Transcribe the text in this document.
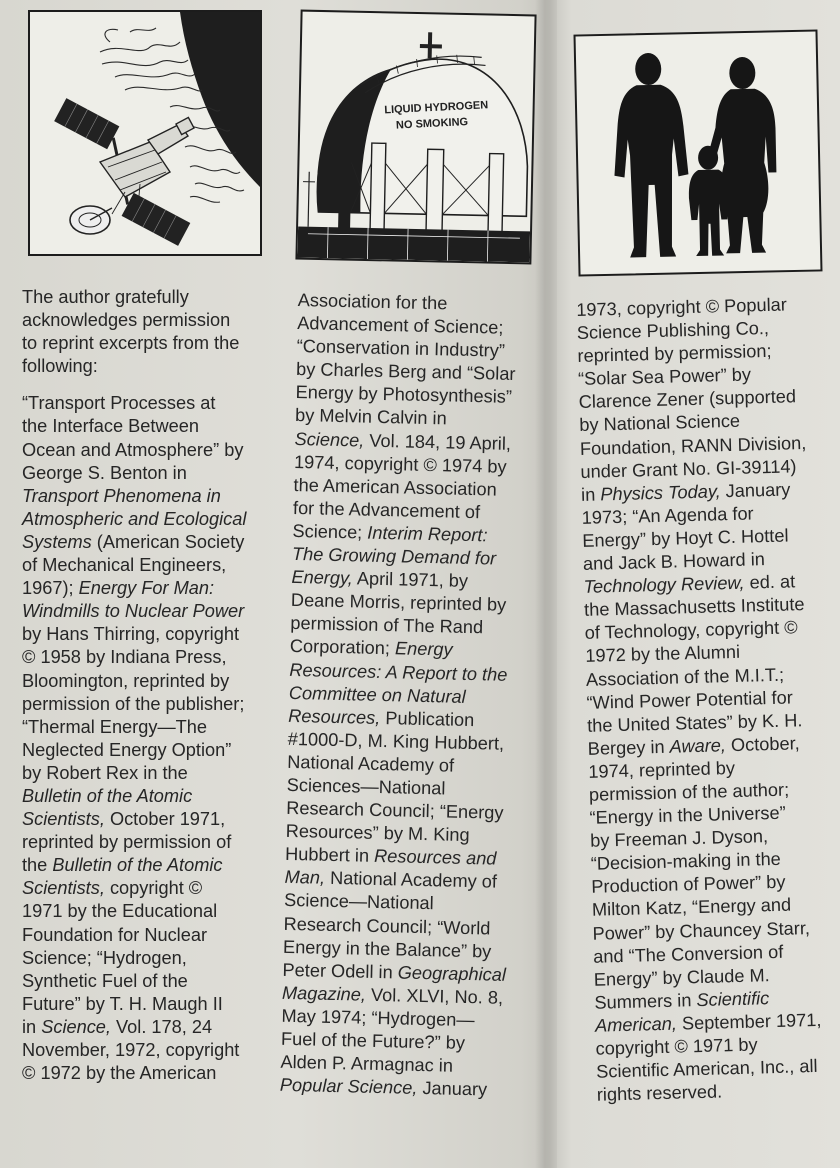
LIQUID HYDROGEN
NO SMOKING
The author gratefully
acknowledges permission
to reprint excerpts from the
following:
“Transport Processes at
the Interface Between
Ocean and Atmosphere” by
George S. Benton in
Transport Phenomena in
Atmospheric and Ecological
Systems (American Society
of Mechanical Engineers,
1967); Energy For Man:
Windmills to Nuclear Power
by Hans Thirring, copyright
© 1958 by Indiana Press,
Bloomington, reprinted by
permission of the publisher;
“Thermal Energy—The
Neglected Energy Option”
by Robert Rex in the
Bulletin of the Atomic
Scientists, October 1971,
reprinted by permission of
the Bulletin of the Atomic
Scientists, copyright ©
1971 by the Educational
Foundation for Nuclear
Science; “Hydrogen,
Synthetic Fuel of the
Future” by T. H. Maugh II
in Science, Vol. 178, 24
November, 1972, copyright
© 1972 by the American
Association for the
Advancement of Science;
“Conservation in Industry”
by Charles Berg and “Solar
Energy by Photosynthesis”
by Melvin Calvin in
Science, Vol. 184, 19 April,
1974, copyright © 1974 by
the American Association
for the Advancement of
Science; Interim Report:
The Growing Demand for
Energy, April 1971, by
Deane Morris, reprinted by
permission of The Rand
Corporation; Energy
Resources: A Report to the
Committee on Natural
Resources, Publication
#1000-D, M. King Hubbert,
National Academy of
Sciences—National
Research Council; “Energy
Resources” by M. King
Hubbert in Resources and
Man, National Academy of
Science—National
Research Council; “World
Energy in the Balance” by
Peter Odell in Geographical
Magazine, Vol. XLVI, No. 8,
May 1974; “Hydrogen—
Fuel of the Future?” by
Alden P. Armagnac in
Popular Science, January
1973, copyright © Popular
Science Publishing Co.,
reprinted by permission;
“Solar Sea Power” by
Clarence Zener (supported
by National Science
Foundation, RANN Division,
under Grant No. GI-39114)
in Physics Today, January
1973; “An Agenda for
Energy” by Hoyt C. Hottel
and Jack B. Howard in
Technology Review, ed. at
the Massachusetts Institute
of Technology, copyright ©
1972 by the Alumni
Association of the M.I.T.;
“Wind Power Potential for
the United States” by K. H.
Bergey in Aware, October,
1974, reprinted by
permission of the author;
“Energy in the Universe”
by Freeman J. Dyson,
“Decision-making in the
Production of Power” by
Milton Katz, “Energy and
Power” by Chauncey Starr,
and “The Conversion of
Energy” by Claude M.
Summers in Scientific
American, September 1971,
copyright © 1971 by
Scientific American, Inc., all
rights reserved.
